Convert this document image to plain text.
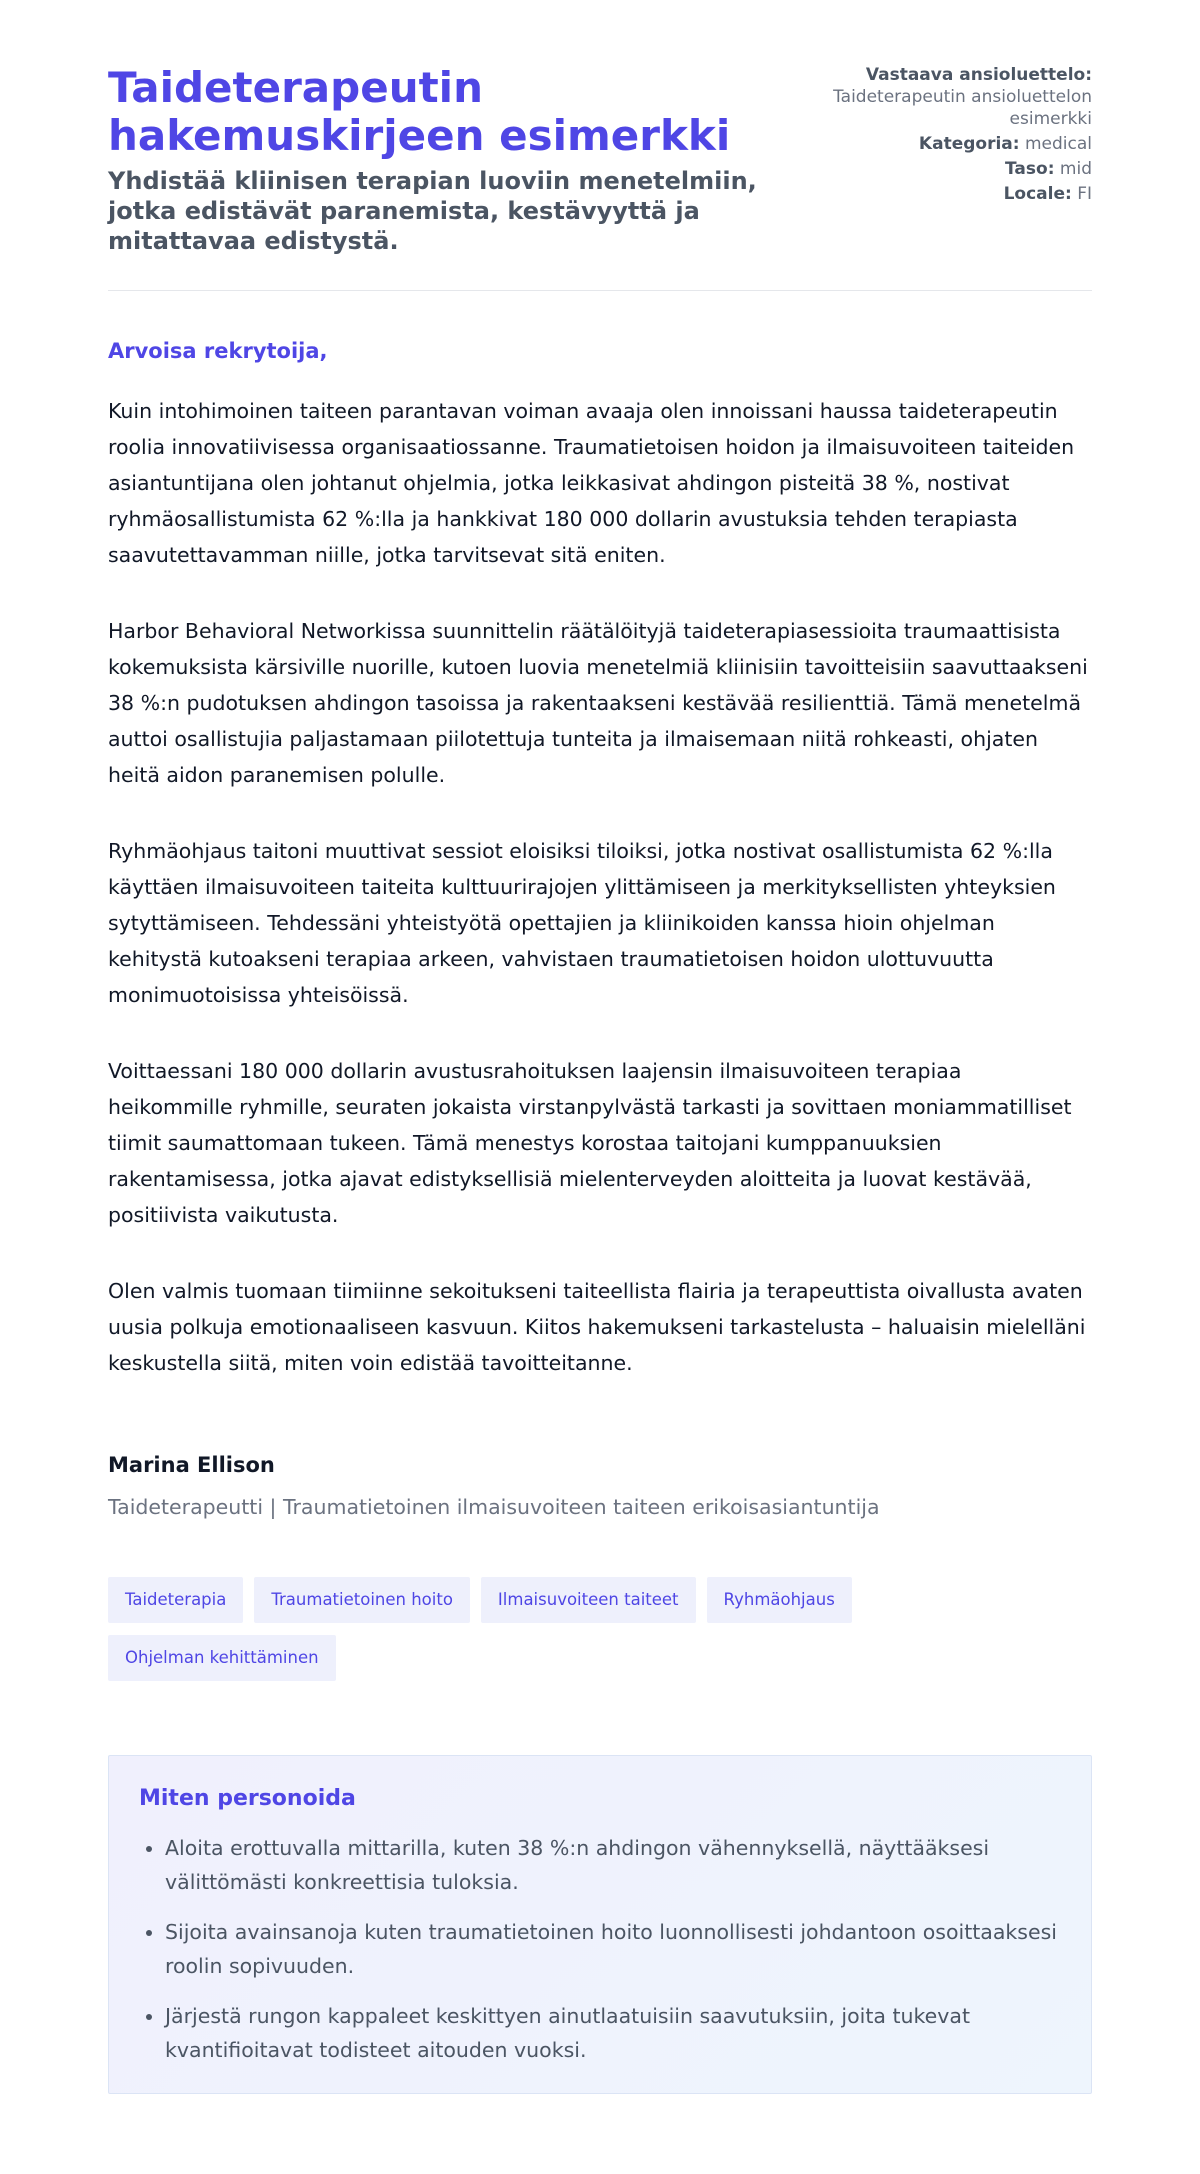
Taideterapeutin hakemuskirjeen esimerkki
Yhdistää kliinisen terapian luoviin menetelmiin, jotka edistävät paranemista, kestävyyttä ja mitattavaa edistystä.
Vastaava ansioluettelo:
Taideterapeutin ansioluettelon esimerkki
Kategoria: medical
Taso: mid
Locale: FI

Arvoisa rekrytoija,

Kuin intohimoinen taiteen parantavan voiman avaaja olen innoissani haussa taideterapeutin roolia innovatiivisessa organisaatiossanne. Traumatietoisen hoidon ja ilmaisuvoiteen taiteiden asiantuntijana olen johtanut ohjelmia, jotka leikkasivat ahdingon pisteitä 38 %, nostivat ryhmäosallistumista 62 %:lla ja hankkivat 180 000 dollarin avustuksia tehden terapiasta saavutettavamman niille, jotka tarvitsevat sitä eniten.

Harbor Behavioral Networkissa suunnittelin räätälöityjä taideterapiasessioita traumaattisista kokemuksista kärsiville nuorille, kutoen luovia menetelmiä kliinisiin tavoitteisiin saavuttaakseni 38 %:n pudotuksen ahdingon tasoissa ja rakentaakseni kestävää resilienttiä. Tämä menetelmä auttoi osallistujia paljastamaan piilotettuja tunteita ja ilmaisemaan niitä rohkeasti, ohjaten heitä aidon paranemisen polulle.

Ryhmäohjaus taitoni muuttivat sessiot eloisiksi tiloiksi, jotka nostivat osallistumista 62 %:lla käyttäen ilmaisuvoiteen taiteita kulttuurirajojen ylittämiseen ja merkityksellisten yhteyksien sytyttämiseen. Tehdessäni yhteistyötä opettajien ja kliinikoiden kanssa hioin ohjelman kehitystä kutoakseni terapiaa arkeen, vahvistaen traumatietoisen hoidon ulottuvuutta monimuotoisissa yhteisöissä.

Voittaessani 180 000 dollarin avustusrahoituksen laajensin ilmaisuvoiteen terapiaa heikommille ryhmille, seuraten jokaista virstanpylvästä tarkasti ja sovittaen moniammatilliset tiimit saumattomaan tukeen. Tämä menestys korostaa taitojani kumppanuuksien rakentamisessa, jotka ajavat edistyksellisiä mielenterveyden aloitteita ja luovat kestävää, positiivista vaikutusta.

Olen valmis tuomaan tiimiinne sekoitukseni taiteellista flairia ja terapeuttista oivallusta avaten uusia polkuja emotionaaliseen kasvuun. Kiitos hakemukseni tarkastelusta – haluaisin mielelläni keskustella siitä, miten voin edistää tavoitteitanne.

Marina Ellison

Taideterapeutti | Traumatietoinen ilmaisuvoiteen taiteen erikoisasiantuntija

Taideterapia	Traumatietoinen hoito	Ilmaisuvoiteen taiteet	Ryhmäohjaus
Ohjelman kehittäminen
Miten personoida
• Aloita erottuvalla mittarilla, kuten 38 %:n ahdingon vähennyksellä, näyttääksesi välittömästi konkreettisia tuloksia.
• Sijoita avainsanoja kuten traumatietoinen hoito luonnollisesti johdantoon osoittaaksesi roolin sopivuuden.
• Järjestä rungon kappaleet keskittyen ainutlaatuisiin saavutuksiin, joita tukevat kvantifioitavat todisteet aitouden vuoksi.
